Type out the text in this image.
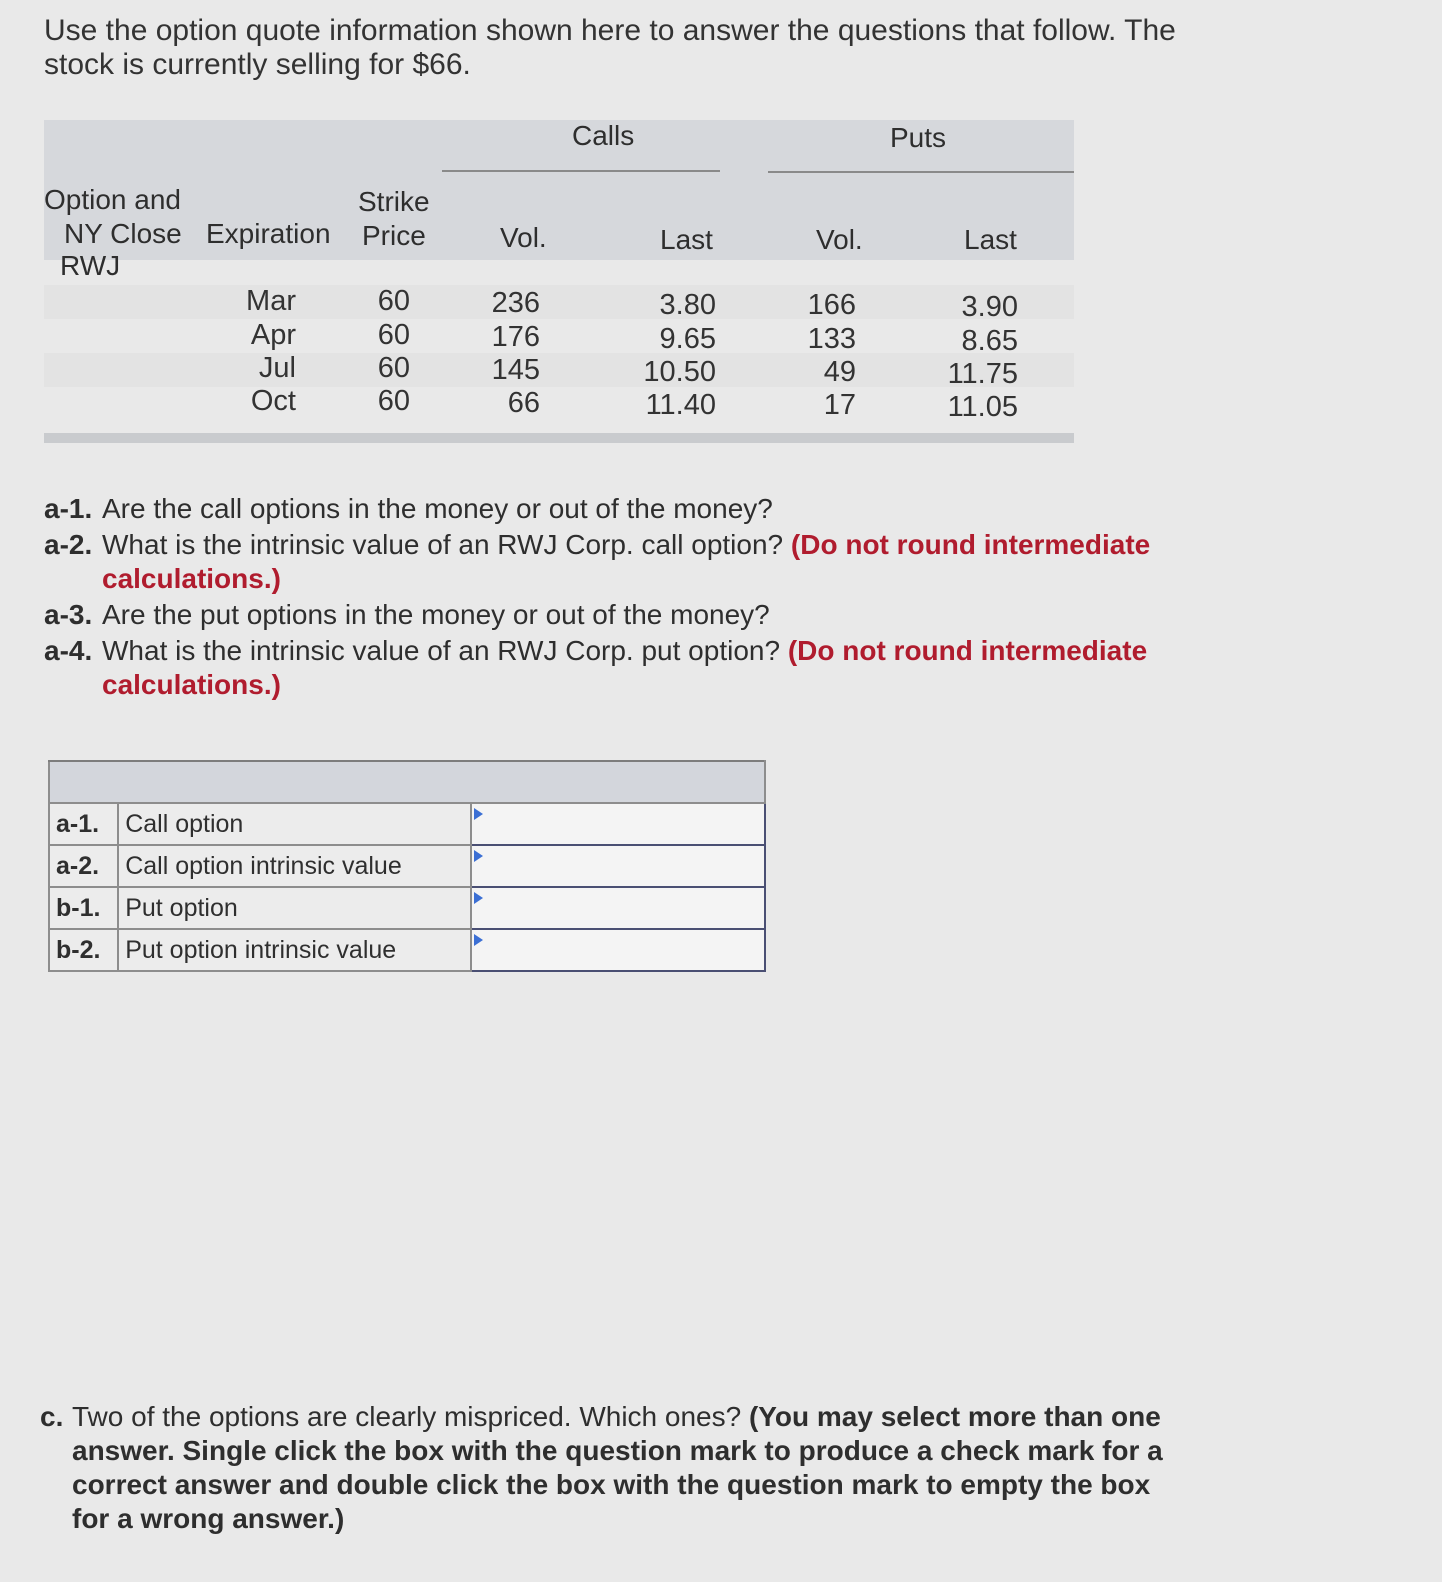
Use the option quote information shown here to answer the questions that follow. The
stock is currently selling for $66.
Calls	Puts
Option and
NY Close Expiration
Strike
Price	Vol.	Last	Vol.	Last
RWJ
Mar	60	236	3.80	166	3.90
Apr	60	176	9.65	133	8.65
Jul	60	145	10.50	49	11.75
Oct	60	66	11.40	17	11.05
a-1. Are the call options in the money or out of the money?
a-2. What is the intrinsic value of an RWJ Corp. call option? (Do not round intermediate calculations.)
a-3. Are the put options in the money or out of the money?
a-4. What is the intrinsic value of an RWJ Corp. put option? (Do not round intermediate calculations.)

a-1.	Call option	

a-2.	Call option intrinsic value	

b-1.	Put option	

b-2.	Put option intrinsic value	
c. Two of the options are clearly mispriced. Which ones? (You may select more than one answer. Single click the box with the question mark to produce a check mark for a correct answer and double click the box with the question mark to empty the box for a wrong answer.)
